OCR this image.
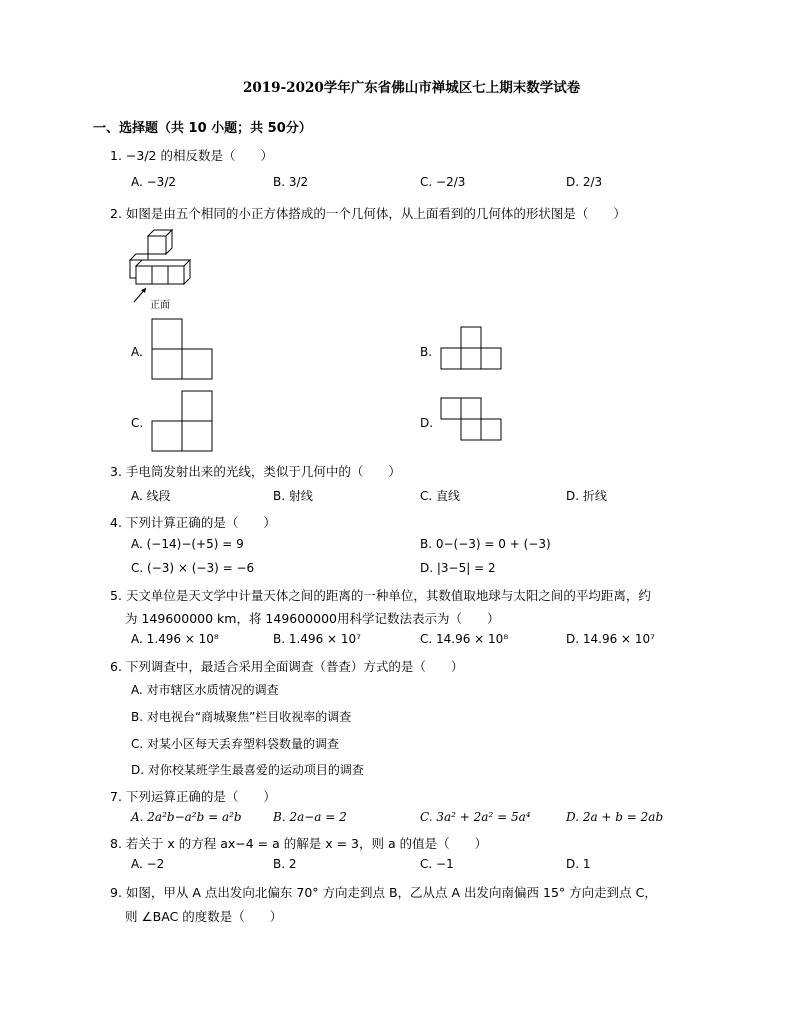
2019-2020学年广东省佛山市禅城区七上期末数学试卷
一、选择题（共 10 小题；共 50分）
1. −3/2 的相反数是（　　）
A. −3/2	B. 3/2	C. −2/3	D. 2/3
2. 如图是由五个相同的小正方体搭成的一个几何体，从上面看到的几何体的形状图是（　　）
正面
A.	B.
C.	D.
3. 手电筒发射出来的光线，类似于几何中的（　　）
A. 线段	B. 射线	C. 直线	D. 折线
4. 下列计算正确的是（　　）
A. (−14)−(+5) = 9	B. 0−(−3) = 0 + (−3)
C. (−3) × (−3) = −6	D. |3−5| = 2
5. 天文单位是天文学中计量天体之间的距离的一种单位，其数值取地球与太阳之间的平均距离，约
为 149600000 km，将 149600000用科学记数法表示为（　　）
A. 1.496 × 10⁸	B. 1.496 × 10⁷	C. 14.96 × 10⁸	D. 14.96 × 10⁷
6. 下列调查中，最适合采用全面调查（普查）方式的是（　　）
A. 对市辖区水质情况的调查
B. 对电视台“商城聚焦”栏目收视率的调查
C. 对某小区每天丢弃塑料袋数量的调查
D. 对你校某班学生最喜爱的运动项目的调查
7. 下列运算正确的是（　　）
A. 2a²b−a²b = a²b	B. 2a−a = 2	C. 3a² + 2a² = 5a⁴	D. 2a + b = 2ab
8. 若关于 x 的方程 ax−4 = a 的解是 x = 3，则 a 的值是（　　）
A. −2	B. 2	C. −1	D. 1
9. 如图，甲从 A 点出发向北偏东 70° 方向走到点 B，乙从点 A 出发向南偏西 15° 方向走到点 C，
则 ∠BAC 的度数是（　　）
